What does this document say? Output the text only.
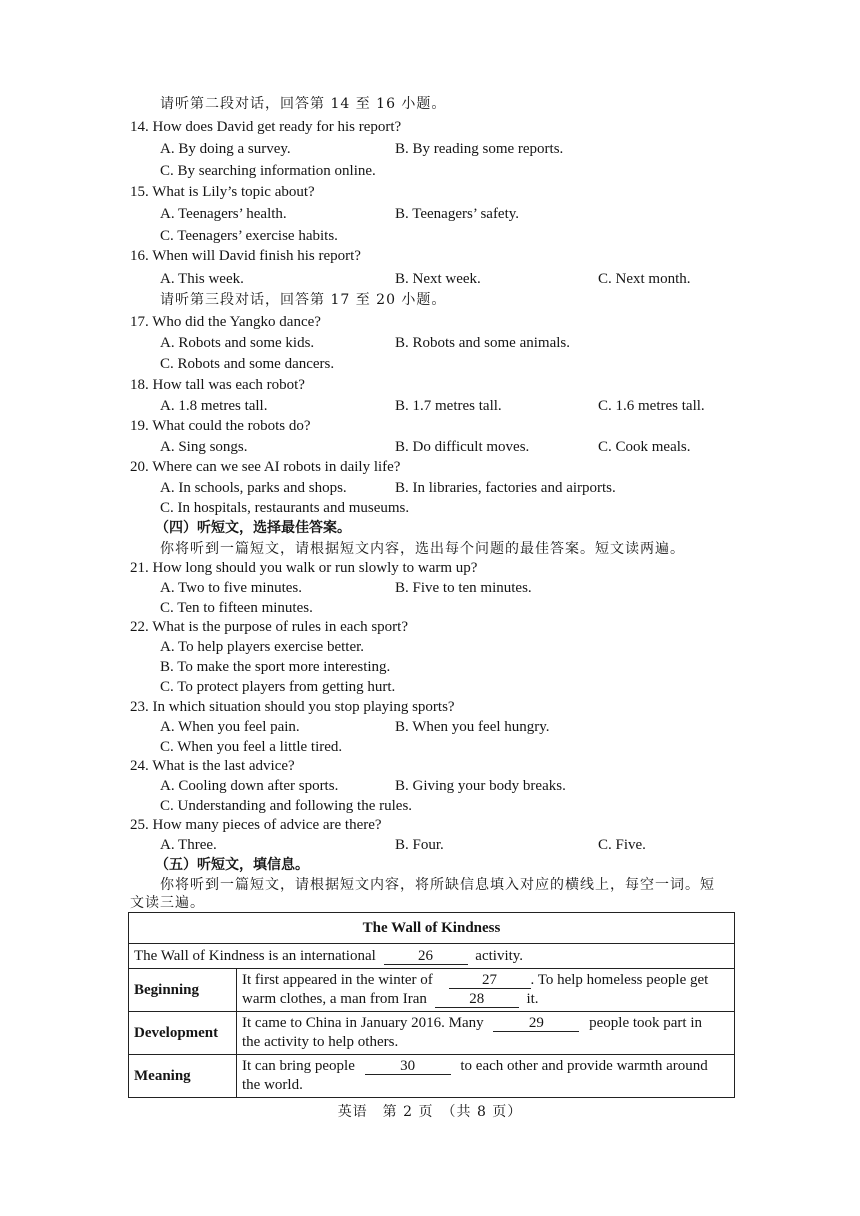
请听第二段对话，回答第 14 至 16 小题。
14. How does David get ready for his report?
A. By doing a survey.	B. By reading some reports.
C. By searching information online.
15. What is Lily’s topic about?
A. Teenagers’ health.	B. Teenagers’ safety.
C. Teenagers’ exercise habits.
16. When will David finish his report?
A. This week.	B. Next week.	C. Next month.
请听第三段对话，回答第 17 至 20 小题。
17. Who did the Yangko dance?
A. Robots and some kids.	B. Robots and some animals.
C. Robots and some dancers.
18. How tall was each robot?
A. 1.8 metres tall.	B. 1.7 metres tall.	C. 1.6 metres tall.
19. What could the robots do?
A. Sing songs.	B. Do difficult moves.	C. Cook meals.
20. Where can we see AI robots in daily life?
A. In schools, parks and shops.	B. In libraries, factories and airports.
C. In hospitals, restaurants and museums.
（四）听短文，选择最佳答案。
你将听到一篇短文，请根据短文内容，选出每个问题的最佳答案。短文读两遍。
21. How long should you walk or run slowly to warm up?
A. Two to five minutes.	B. Five to ten minutes.
C. Ten to fifteen minutes.
22. What is the purpose of rules in each sport?
A. To help players exercise better.
B. To make the sport more interesting.
C. To protect players from getting hurt.
23. In which situation should you stop playing sports?
A. When you feel pain.	B. When you feel hungry.
C. When you feel a little tired.
24. What is the last advice?
A. Cooling down after sports.	B. Giving your body breaks.
C. Understanding and following the rules.
25. How many pieces of advice are there?
A. Three.	B. Four.	C. Five.
（五）听短文，填信息。
你将听到一篇短文，请根据短文内容，将所缺信息填入对应的横线上，每空一词。短
文读三遍。
The Wall of Kindness	
The Wall of Kindness is an international 26 activity.	
Beginning	It first appeared in the winter of 27 . To help homeless people get
warm clothes, a man from Iran 28 it.
Development	It came to China in January 2016. Many 29 people took part in
the activity to help others.
Meaning	It can bring people 30 to each other and provide warmth around
the world.
英语　第 2 页　（共 8 页）
